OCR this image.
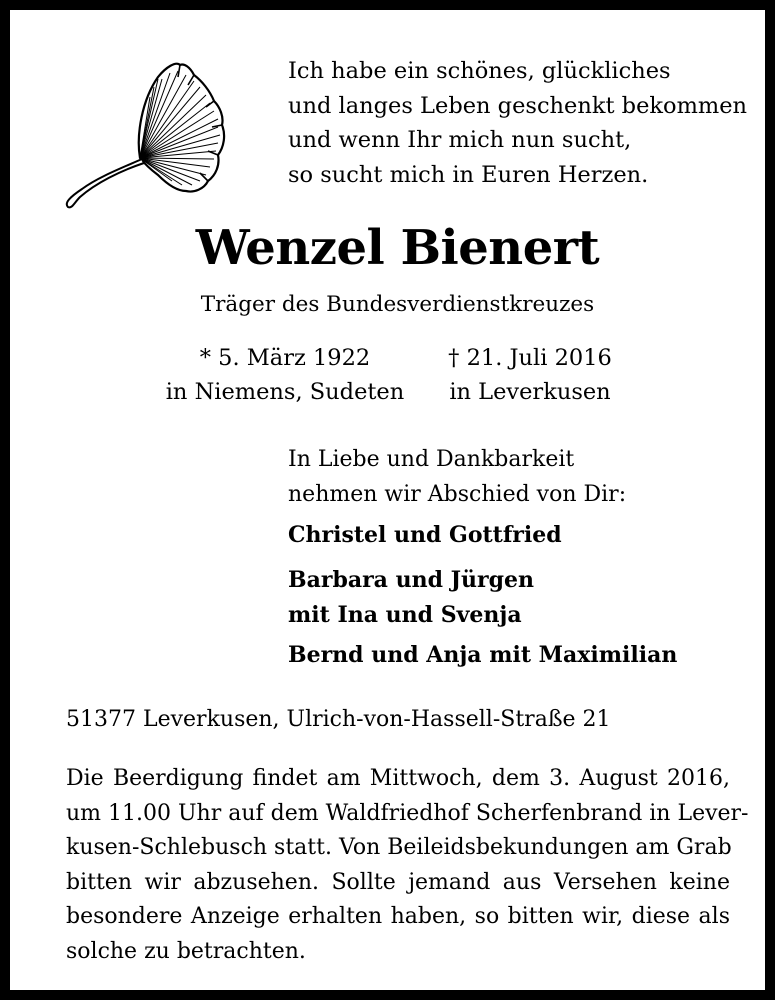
Ich habe ein schönes, glückliches
und langes Leben geschenkt bekommen
und wenn Ihr mich nun sucht,
so sucht mich in Euren Herzen.
Wenzel Bienert
Träger des Bundesverdienstkreuzes
* 5. März 1922
in Niemens, Sudeten
† 21. Juli 2016
in Leverkusen
In Liebe und Dankbarkeit
nehmen wir Abschied von Dir:
Christel und Gottfried
Barbara und Jürgen
mit Ina und Svenja
Bernd und Anja mit Maximilian
51377 Leverkusen, Ulrich-von-Hassell-Straße 21
Die Beerdigung findet am Mittwoch, dem 3. August 2016,
um 11.00 Uhr auf dem Waldfriedhof Scherfenbrand in Lever-
kusen-Schlebusch statt. Von Beileidsbekundungen am Grab
bitten wir abzusehen. Sollte jemand aus Versehen keine
besondere Anzeige erhalten haben, so bitten wir, diese als
solche zu betrachten.
